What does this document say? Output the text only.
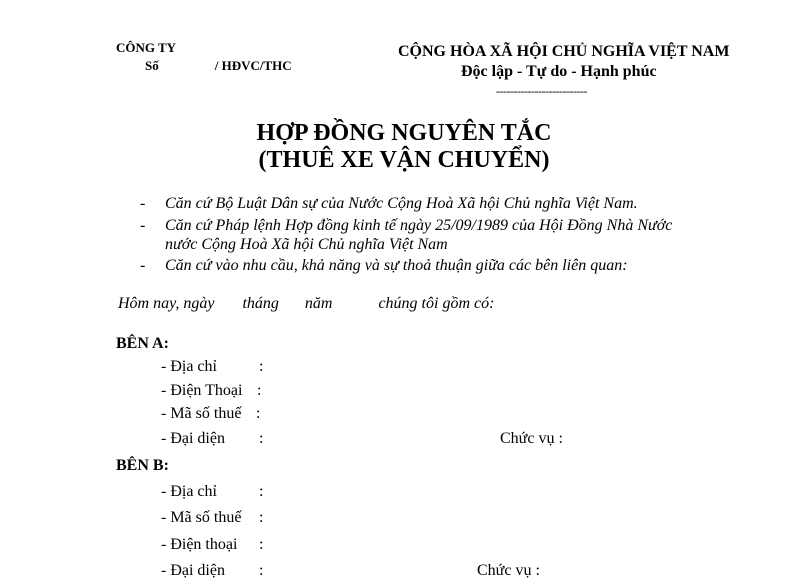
CÔNG TY
Số	/ HĐVC/THC
CỘNG HÒA XÃ HỘI CHỦ NGHĨA VIỆT NAM
Độc lập - Tự do - Hạnh phúc
--------------------------
HỢP ĐỒNG NGUYÊN TẮC
(THUÊ XE VẬN CHUYỂN)
- Căn cứ Bộ Luật Dân sự của Nước Cộng Hoà Xã hội Chủ nghĩa Việt Nam.
- Căn cứ Pháp lệnh Hợp đồng kinh tế ngày 25/09/1989 của Hội Đồng Nhà Nước
nước Cộng Hoà Xã hội Chủ nghĩa Việt Nam
- Căn cứ vào nhu cầu, khả năng và sự thoả thuận giữa các bên liên quan:
Hôm nay, ngày tháng năm	chúng tôi gồm có:
BÊN A:
- Địa chỉ	:
- Điện Thoại :
- Mã số thuế :
- Đại diện :	Chức vụ :
BÊN B:
- Địa chỉ	:
- Mã số thuế :
- Điện thoại :
- Đại diện :	Chức vụ :
